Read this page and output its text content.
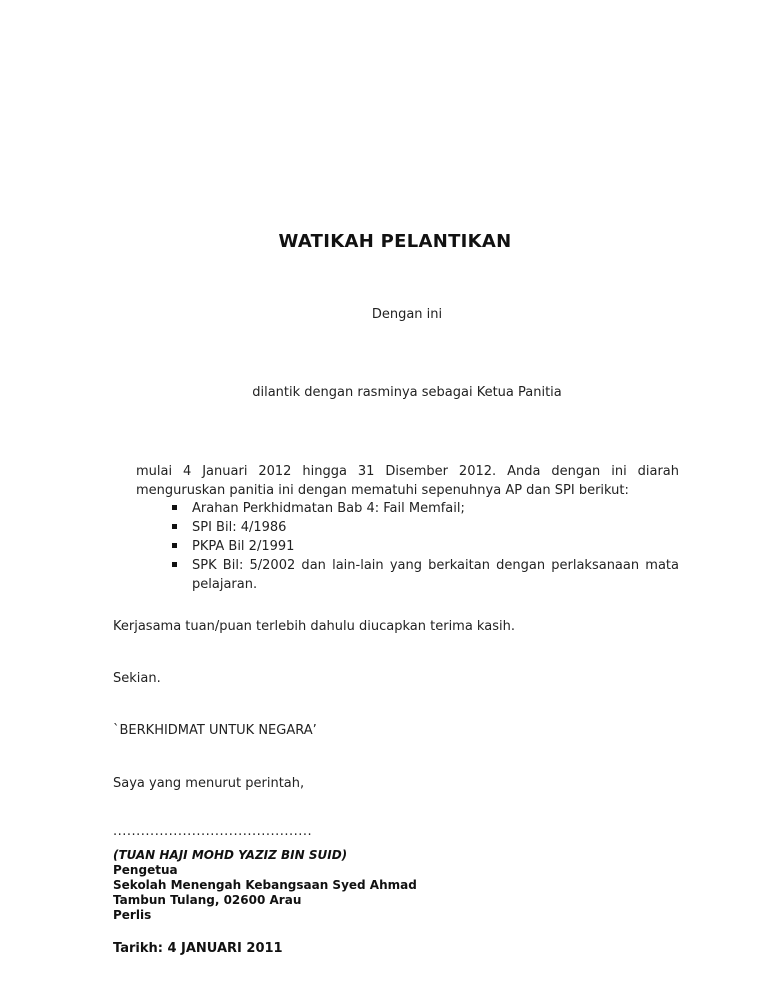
WATIKAH PELANTIKAN
Dengan ini
dilantik dengan rasminya sebagai Ketua Panitia
mulai 4 Januari 2012 hingga 31 Disember 2012. Anda dengan ini diarah menguruskan panitia ini dengan mematuhi sepenuhnya AP dan SPI berikut:
Arahan Perkhidmatan Bab 4: Fail Memfail;
SPI Bil: 4/1986
PKPA Bil 2/1991
SPK Bil: 5/2002 dan lain-lain yang berkaitan dengan perlaksanaan mata pelajaran.
Kerjasama tuan/puan terlebih dahulu diucapkan terima kasih.
Sekian.
`BERKHIDMAT UNTUK NEGARA’
Saya yang menurut perintah,
...........................................
(TUAN HAJI MOHD YAZIZ BIN SUID)
Pengetua
Sekolah Menengah Kebangsaan Syed Ahmad
Tambun Tulang, 02600 Arau
Perlis
Tarikh: 4 JANUARI 2011
